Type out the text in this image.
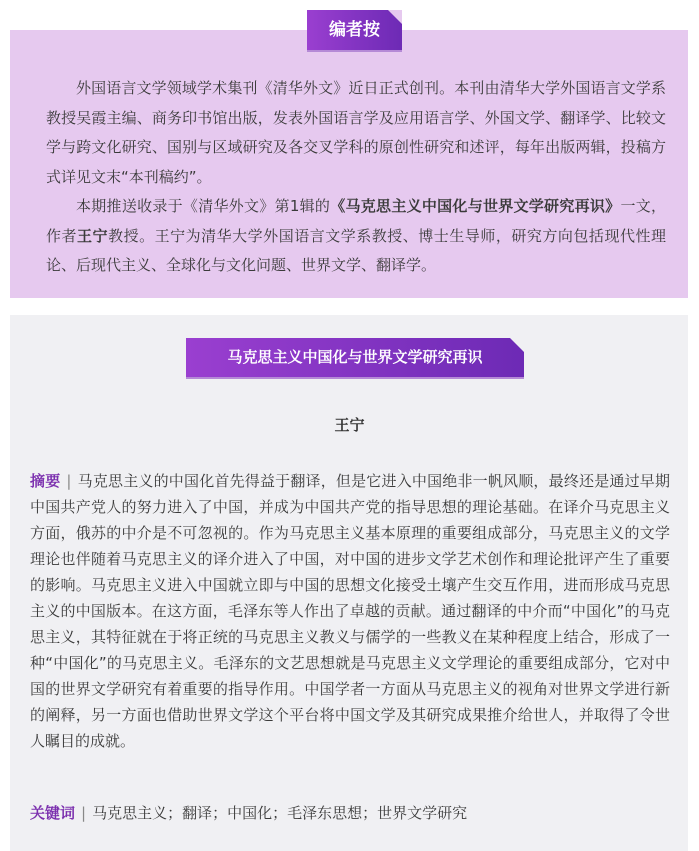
编者按

外国语言文学领域学术集刊《清华外文》近日正式创刊。本刊由清华大学外国语言文学系教授吴霞主编、商务印书馆出版，发表外国语言学及应用语言学、外国文学、翻译学、比较文学与跨文化研究、国别与区域研究及各交叉学科的原创性研究和述评，每年出版两辑，投稿方式详见文末“本刊稿约”。

本期推送收录于《清华外文》第1辑的《马克思主义中国化与世界文学研究再识》一文，作者王宁教授。王宁为清华大学外国语言文学系教授、博士生导师，研究方向包括现代性理论、后现代主义、全球化与文化问题、世界文学、翻译学。

马克思主义中国化与世界文学研究再识
王宁

摘要 | 马克思主义的中国化首先得益于翻译，但是它进入中国绝非一帆风顺，最终还是通过早期中国共产党人的努力进入了中国，并成为中国共产党的指导思想的理论基础。在译介马克思主义方面，俄苏的中介是不可忽视的。作为马克思主义基本原理的重要组成部分，马克思主义的文学理论也伴随着马克思主义的译介进入了中国，对中国的进步文学艺术创作和理论批评产生了重要的影响。马克思主义进入中国就立即与中国的思想文化接受土壤产生交互作用，进而形成马克思主义的中国版本。在这方面，毛泽东等人作出了卓越的贡献。通过翻译的中介而“中国化”的马克思主义，其特征就在于将正统的马克思主义教义与儒学的一些教义在某种程度上结合，形成了一种“中国化”的马克思主义。毛泽东的文艺思想就是马克思主义文学理论的重要组成部分，它对中国的世界文学研究有着重要的指导作用。中国学者一方面从马克思主义的视角对世界文学进行新的阐释，另一方面也借助世界文学这个平台将中国文学及其研究成果推介给世人，并取得了令世人瞩目的成就。

关键词 | 马克思主义；翻译；中国化；毛泽东思想；世界文学研究
